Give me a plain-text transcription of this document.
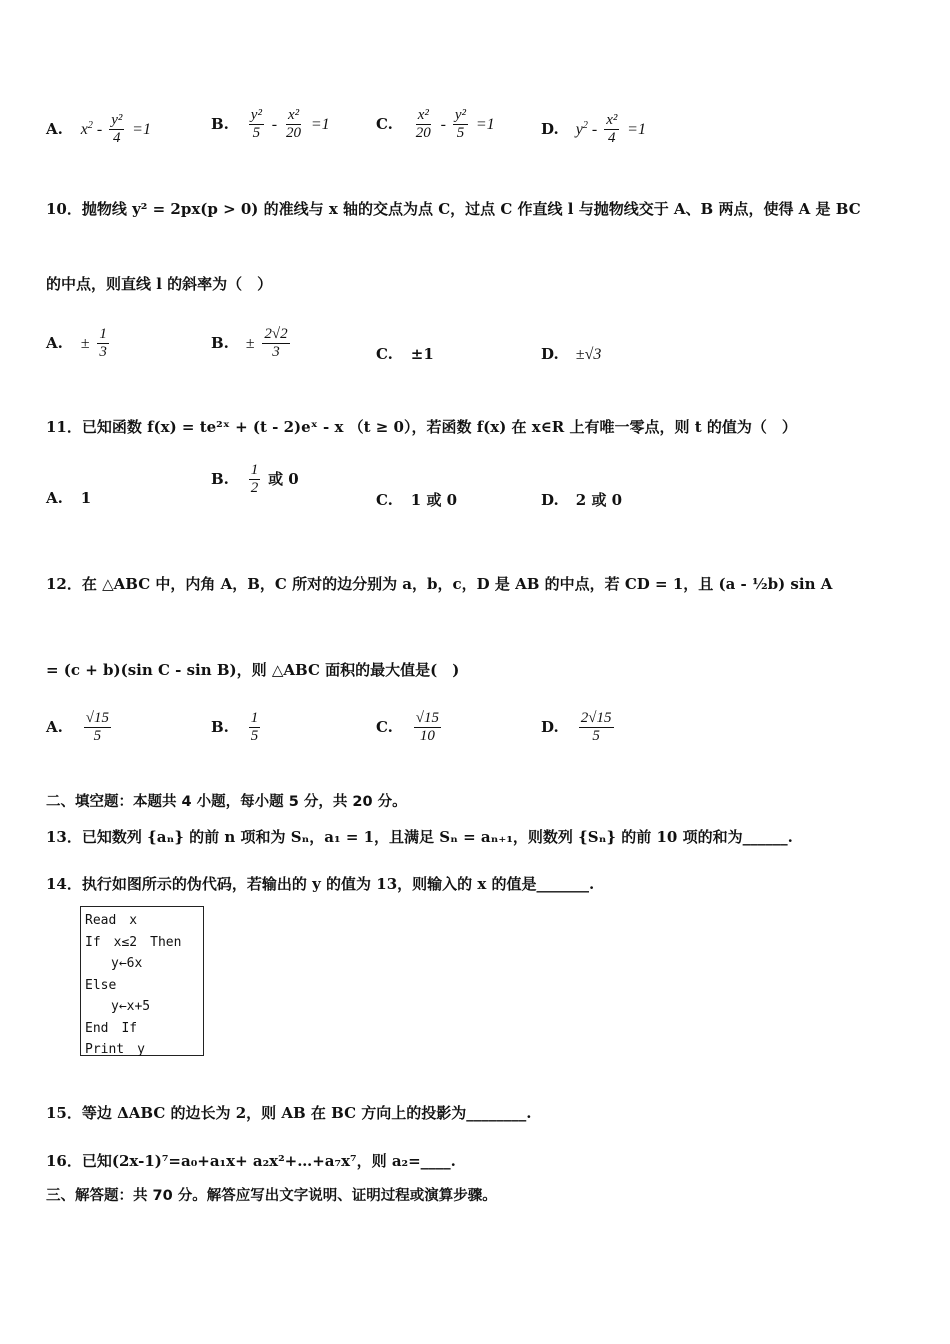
A. $x^2 - \frac{\text{y²}}{4} =1$	B. $\frac{\text{y²}}{5} - \frac{\text{x²}}{20} =1$	C. $\frac{\text{x²}}{20} - \frac{\text{y²}}{5} =1$	D. $y^2 - \frac{\text{x²}}{4} =1$
10．抛物线 y² = 2px(p > 0) 的准线与 x 轴的交点为点 C，过点 C 作直线 l 与抛物线交于 A、B 两点，使得 A 是 BC
的中点，则直线 l 的斜率为（　）
A. ± $\frac{1}{3}$	B. ± $\frac{2√2}{3}$	C. ±1	D. ±√3
11．已知函数 f(x) = te²ˣ + (t - 2)eˣ - x （t ≥ 0），若函数 f(x) 在 x∈R 上有唯一零点，则 t 的值为（　）
A. 1
B. $\frac{1}{2}$ 或 0
C. 1 或 0	D. 2 或 0
12．在 △ABC 中，内角 A，B，C 所对的边分别为 a，b，c，D 是 AB 的中点，若 CD = 1，且 (a - ½b) sin A
= (c + b)(sin C - sin B)，则 △ABC 面积的最大值是(　)
A. $\frac{√15}{5}$	B. $\frac{1}{5}$	C. $\frac{√15}{10}$	D. $\frac{2√15}{5}$
二、填空题：本题共 4 小题，每小题 5 分，共 20 分。
13．已知数列 {aₙ} 的前 n 项和为 Sₙ，a₁ = 1，且满足 Sₙ = aₙ₊₁，则数列 {Sₙ} 的前 10 项的和为______.
14．执行如图所示的伪代码，若输出的 y 的值为 13，则输入的 x 的值是_______.
Read　x
If　x≤2　Then
y←6x
Else
y←x+5
End　If
Print　y
15．等边 ΔABC 的边长为 2，则 AB 在 BC 方向上的投影为________.
16．已知(2x-1)⁷=a₀+a₁x+ a₂x²+…+a₇x⁷，则 a₂=____.
三、解答题：共 70 分。解答应写出文字说明、证明过程或演算步骤。
